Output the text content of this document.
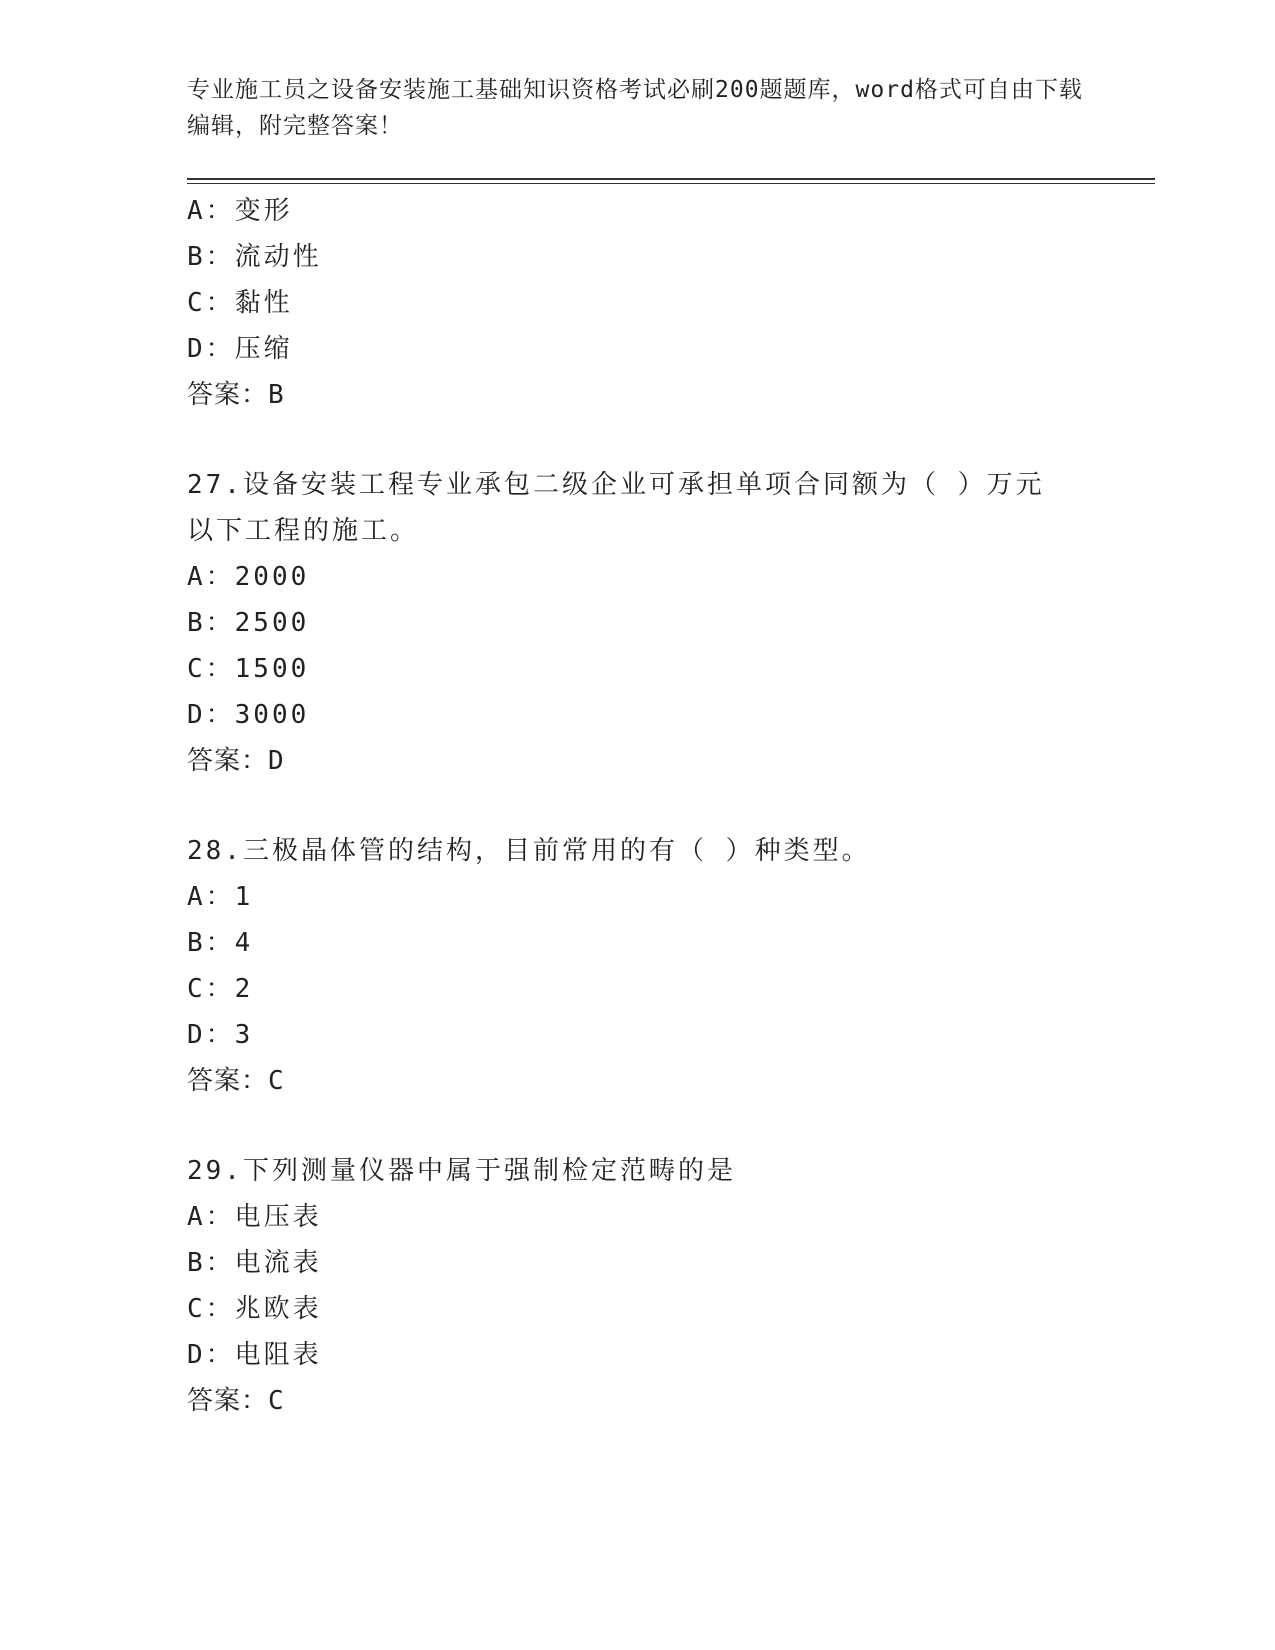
专业施工员之设备安装施工基础知识资格考试必刷200题题库，word格式可自由下载编辑，附完整答案！
A：变形
B：流动性
C：黏性
D：压缩
答案：B
27.设备安装工程专业承包二级企业可承担单项合同额为（ ）万元以下工程的施工。
A：2000
B：2500
C：1500
D：3000
答案：D
28.三极晶体管的结构，目前常用的有（ ）种类型。
A：1
B：4
C：2
D：3
答案：C
29.下列测量仪器中属于强制检定范畴的是
A：电压表
B：电流表
C：兆欧表
D：电阻表
答案：C
